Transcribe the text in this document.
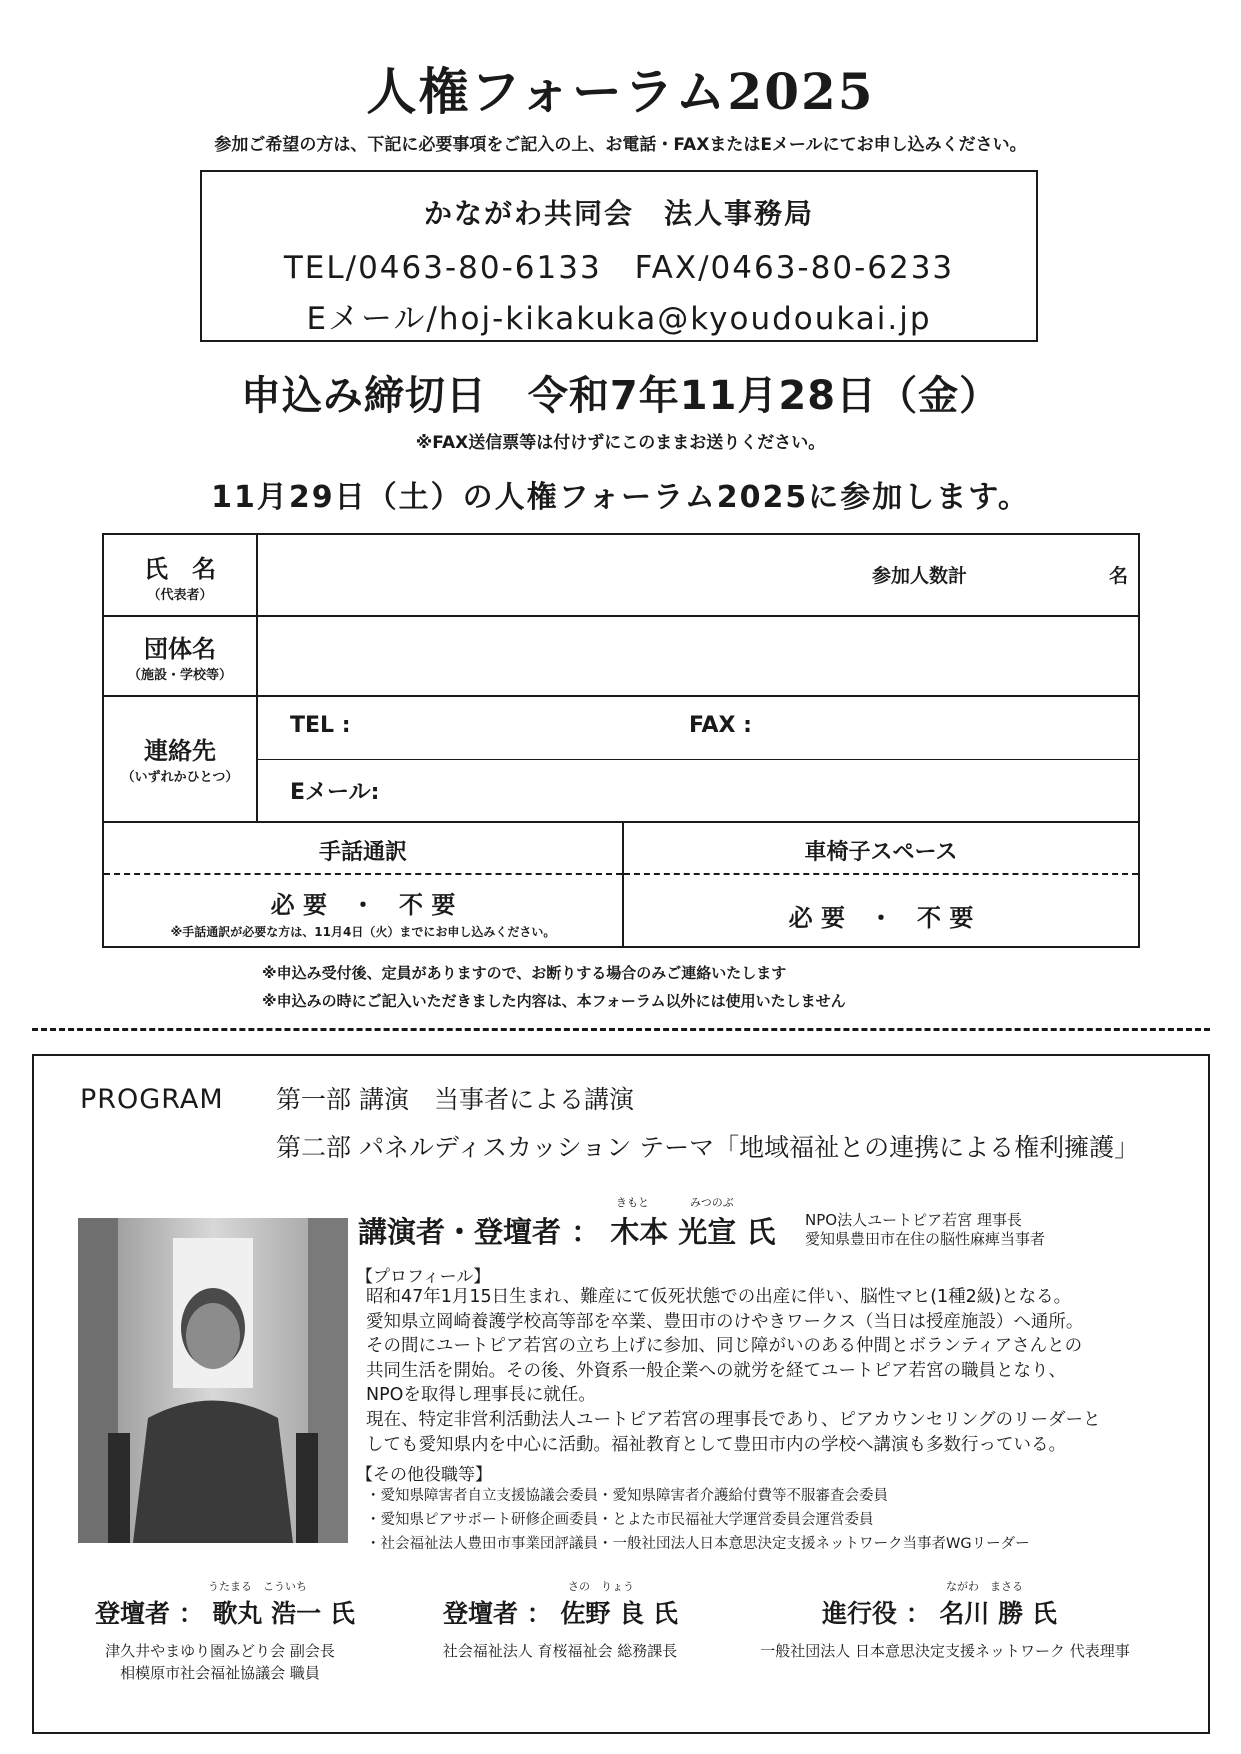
人権フォーラム2025
参加ご希望の方は、下記に必要事項をご記入の上、お電話・FAXまたはEメールにてお申し込みください。
かながわ共同会　法人事務局
TEL/0463-80-6133　FAX/0463-80-6233
Eメール/hoj-kikakuka@kyoudoukai.jp
申込み締切日　令和7年11月28日（金）
※FAX送信票等は付けずにこのままお送りください。
11月29日（土）の人権フォーラム2025に参加します。
氏　名
（代表者）
参加人数計	名
団体名
（施設・学校等）
連絡先
（いずれかひとつ）
TEL :	FAX :
Eメール:
手話通訳
必 要　・　不 要
※手話通訳が必要な方は、11月4日（火）までにお申し込みください。
車椅子スペース
必 要　・　不 要
※申込み受付後、定員がありますので、お断りする場合のみご連絡いたします
※申込みの時にご記入いただきました内容は、本フォーラム以外には使用いたしません
PROGRAM 第一部 講演　当事者による講演
第二部 パネルディスカッション テーマ「地域福祉との連携による権利擁護」
きもと	みつのぶ
講演者・登壇者 ： 木本 光宣 氏 NPO法人ユートピア若宮 理事長
愛知県豊田市在住の脳性麻痺当事者
【プロフィール】
昭和47年1月15日生まれ、難産にて仮死状態での出産に伴い、脳性マヒ(1種2級)となる。
愛知県立岡崎養護学校高等部を卒業、豊田市のけやきワークス（当日は授産施設）へ通所。
その間にユートピア若宮の立ち上げに参加、同じ障がいのある仲間とボランティアさんとの
共同生活を開始。その後、外資系一般企業への就労を経てユートピア若宮の職員となり、
NPOを取得し理事長に就任。
現在、特定非営利活動法人ユートピア若宮の理事長であり、ピアカウンセリングのリーダーと
しても愛知県内を中心に活動。福祉教育として豊田市内の学校へ講演も多数行っている。
【その他役職等】
・愛知県障害者自立支援協議会委員・愛知県障害者介護給付費等不服審査会委員
・愛知県ピアサポート研修企画委員・とよた市民福祉大学運営委員会運営委員
・社会福祉法人豊田市事業団評議員・一般社団法人日本意思決定支援ネットワーク当事者WGリーダー
うたまる　こういち
登壇者 ： 歌丸 浩一 氏
津久井やまゆり園みどり会 副会長
相模原市社会福祉協議会 職員
さの　りょう
登壇者 ： 佐野 良 氏
社会福祉法人 育桜福祉会 総務課長
ながわ　まさる
進行役 ： 名川 勝 氏
一般社団法人 日本意思決定支援ネットワーク 代表理事
